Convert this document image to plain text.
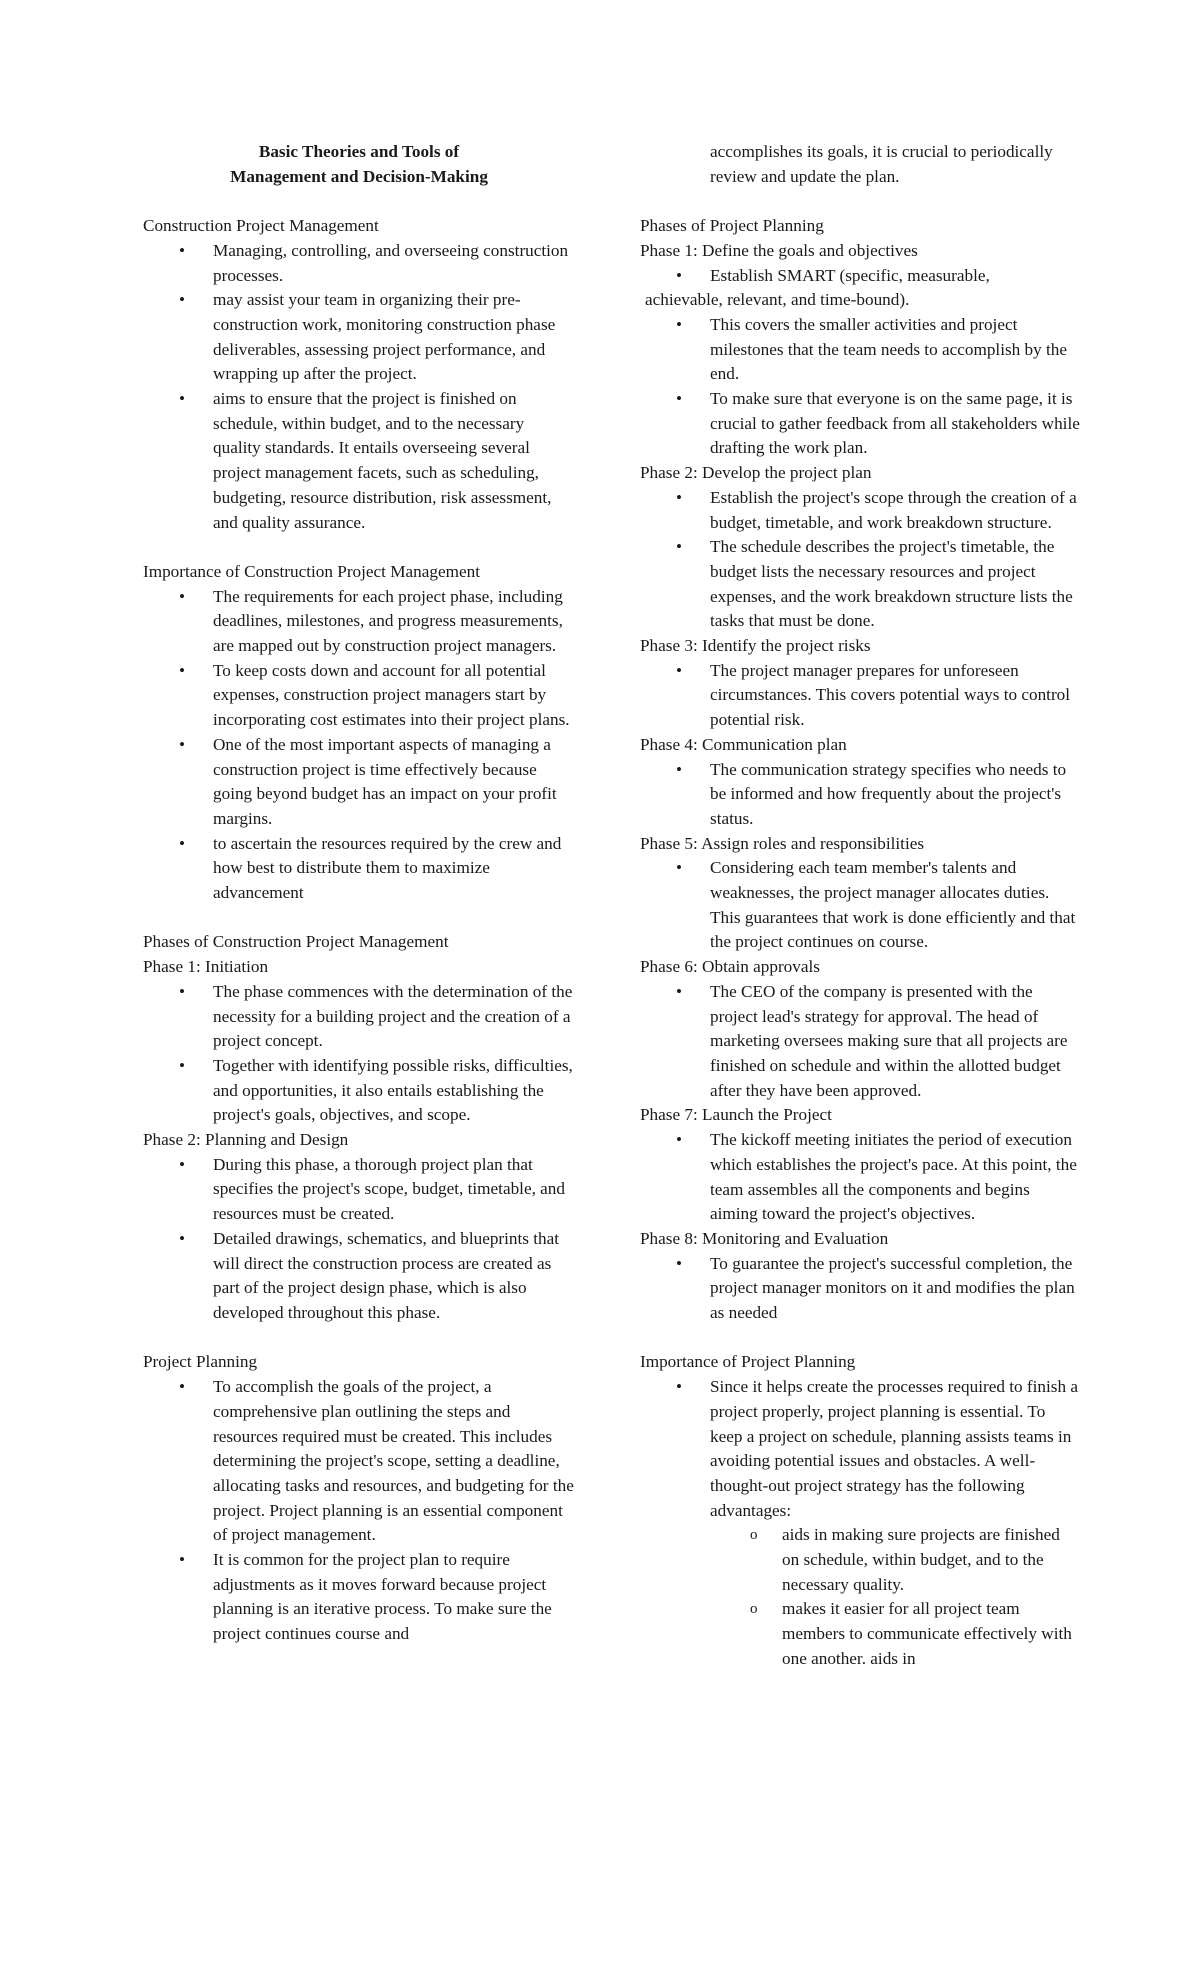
Basic Theories and Tools of
Management and Decision-Making

Construction Project Management

• Managing, controlling, and overseeing construction processes.
• may assist your team in organizing their pre-construction work, monitoring construction phase deliverables, assessing project performance, and wrapping up after the project.
• aims to ensure that the project is finished on schedule, within budget, and to the necessary quality standards. It entails overseeing several project management facets, such as scheduling, budgeting, resource distribution, risk assessment, and quality assurance.

Importance of Construction Project Management

• The requirements for each project phase, including deadlines, milestones, and progress measurements, are mapped out by construction project managers.
• To keep costs down and account for all potential expenses, construction project managers start by incorporating cost estimates into their project plans.
• One of the most important aspects of managing a construction project is time effectively because going beyond budget has an impact on your profit margins.
• to ascertain the resources required by the crew and how best to distribute them to maximize advancement

Phases of Construction Project Management

Phase 1: Initiation

• The phase commences with the determination of the necessity for a building project and the creation of a project concept.
• Together with identifying possible risks, difficulties, and opportunities, it also entails establishing the project's goals, objectives, and scope.

Phase 2: Planning and Design

• During this phase, a thorough project plan that specifies the project's scope, budget, timetable, and resources must be created.
• Detailed drawings, schematics, and blueprints that will direct the construction process are created as part of the project design phase, which is also developed throughout this phase.

Project Planning

• To accomplish the goals of the project, a comprehensive plan outlining the steps and resources required must be created. This includes determining the project's scope, setting a deadline, allocating tasks and resources, and budgeting for the project. Project planning is an essential component of project management.
• It is common for the project plan to require adjustments as it moves forward because project planning is an iterative process. To make sure the project continues course and
accomplishes its goals, it is crucial to periodically review and update the plan.

Phases of Project Planning

Phase 1: Define the goals and objectives

• Establish SMART (specific, measurable,

achievable, relevant, and time-bound).

• This covers the smaller activities and project milestones that the team needs to accomplish by the end.
• To make sure that everyone is on the same page, it is crucial to gather feedback from all stakeholders while drafting the work plan.

Phase 2: Develop the project plan

• Establish the project's scope through the creation of a budget, timetable, and work breakdown structure.
• The schedule describes the project's timetable, the budget lists the necessary resources and project expenses, and the work breakdown structure lists the tasks that must be done.

Phase 3: Identify the project risks

• The project manager prepares for unforeseen circumstances. This covers potential ways to control potential risk.

Phase 4: Communication plan

• The communication strategy specifies who needs to be informed and how frequently about the project's status.

Phase 5: Assign roles and responsibilities

• Considering each team member's talents and weaknesses, the project manager allocates duties. This guarantees that work is done efficiently and that the project continues on course.

Phase 6: Obtain approvals

• The CEO of the company is presented with the project lead's strategy for approval. The head of marketing oversees making sure that all projects are finished on schedule and within the allotted budget after they have been approved.

Phase 7: Launch the Project

• The kickoff meeting initiates the period of execution which establishes the project's pace. At this point, the team assembles all the components and begins aiming toward the project's objectives.

Phase 8: Monitoring and Evaluation

• To guarantee the project's successful completion, the project manager monitors on it and modifies the plan as needed

Importance of Project Planning

• Since it helps create the processes required to finish a project properly, project planning is essential. To keep a project on schedule, planning assists teams in avoiding potential issues and obstacles. A well-thought-out project strategy has the following advantages:
o aids in making sure projects are finished on schedule, within budget, and to the necessary quality.
o makes it easier for all project team members to communicate effectively with one another. aids in
